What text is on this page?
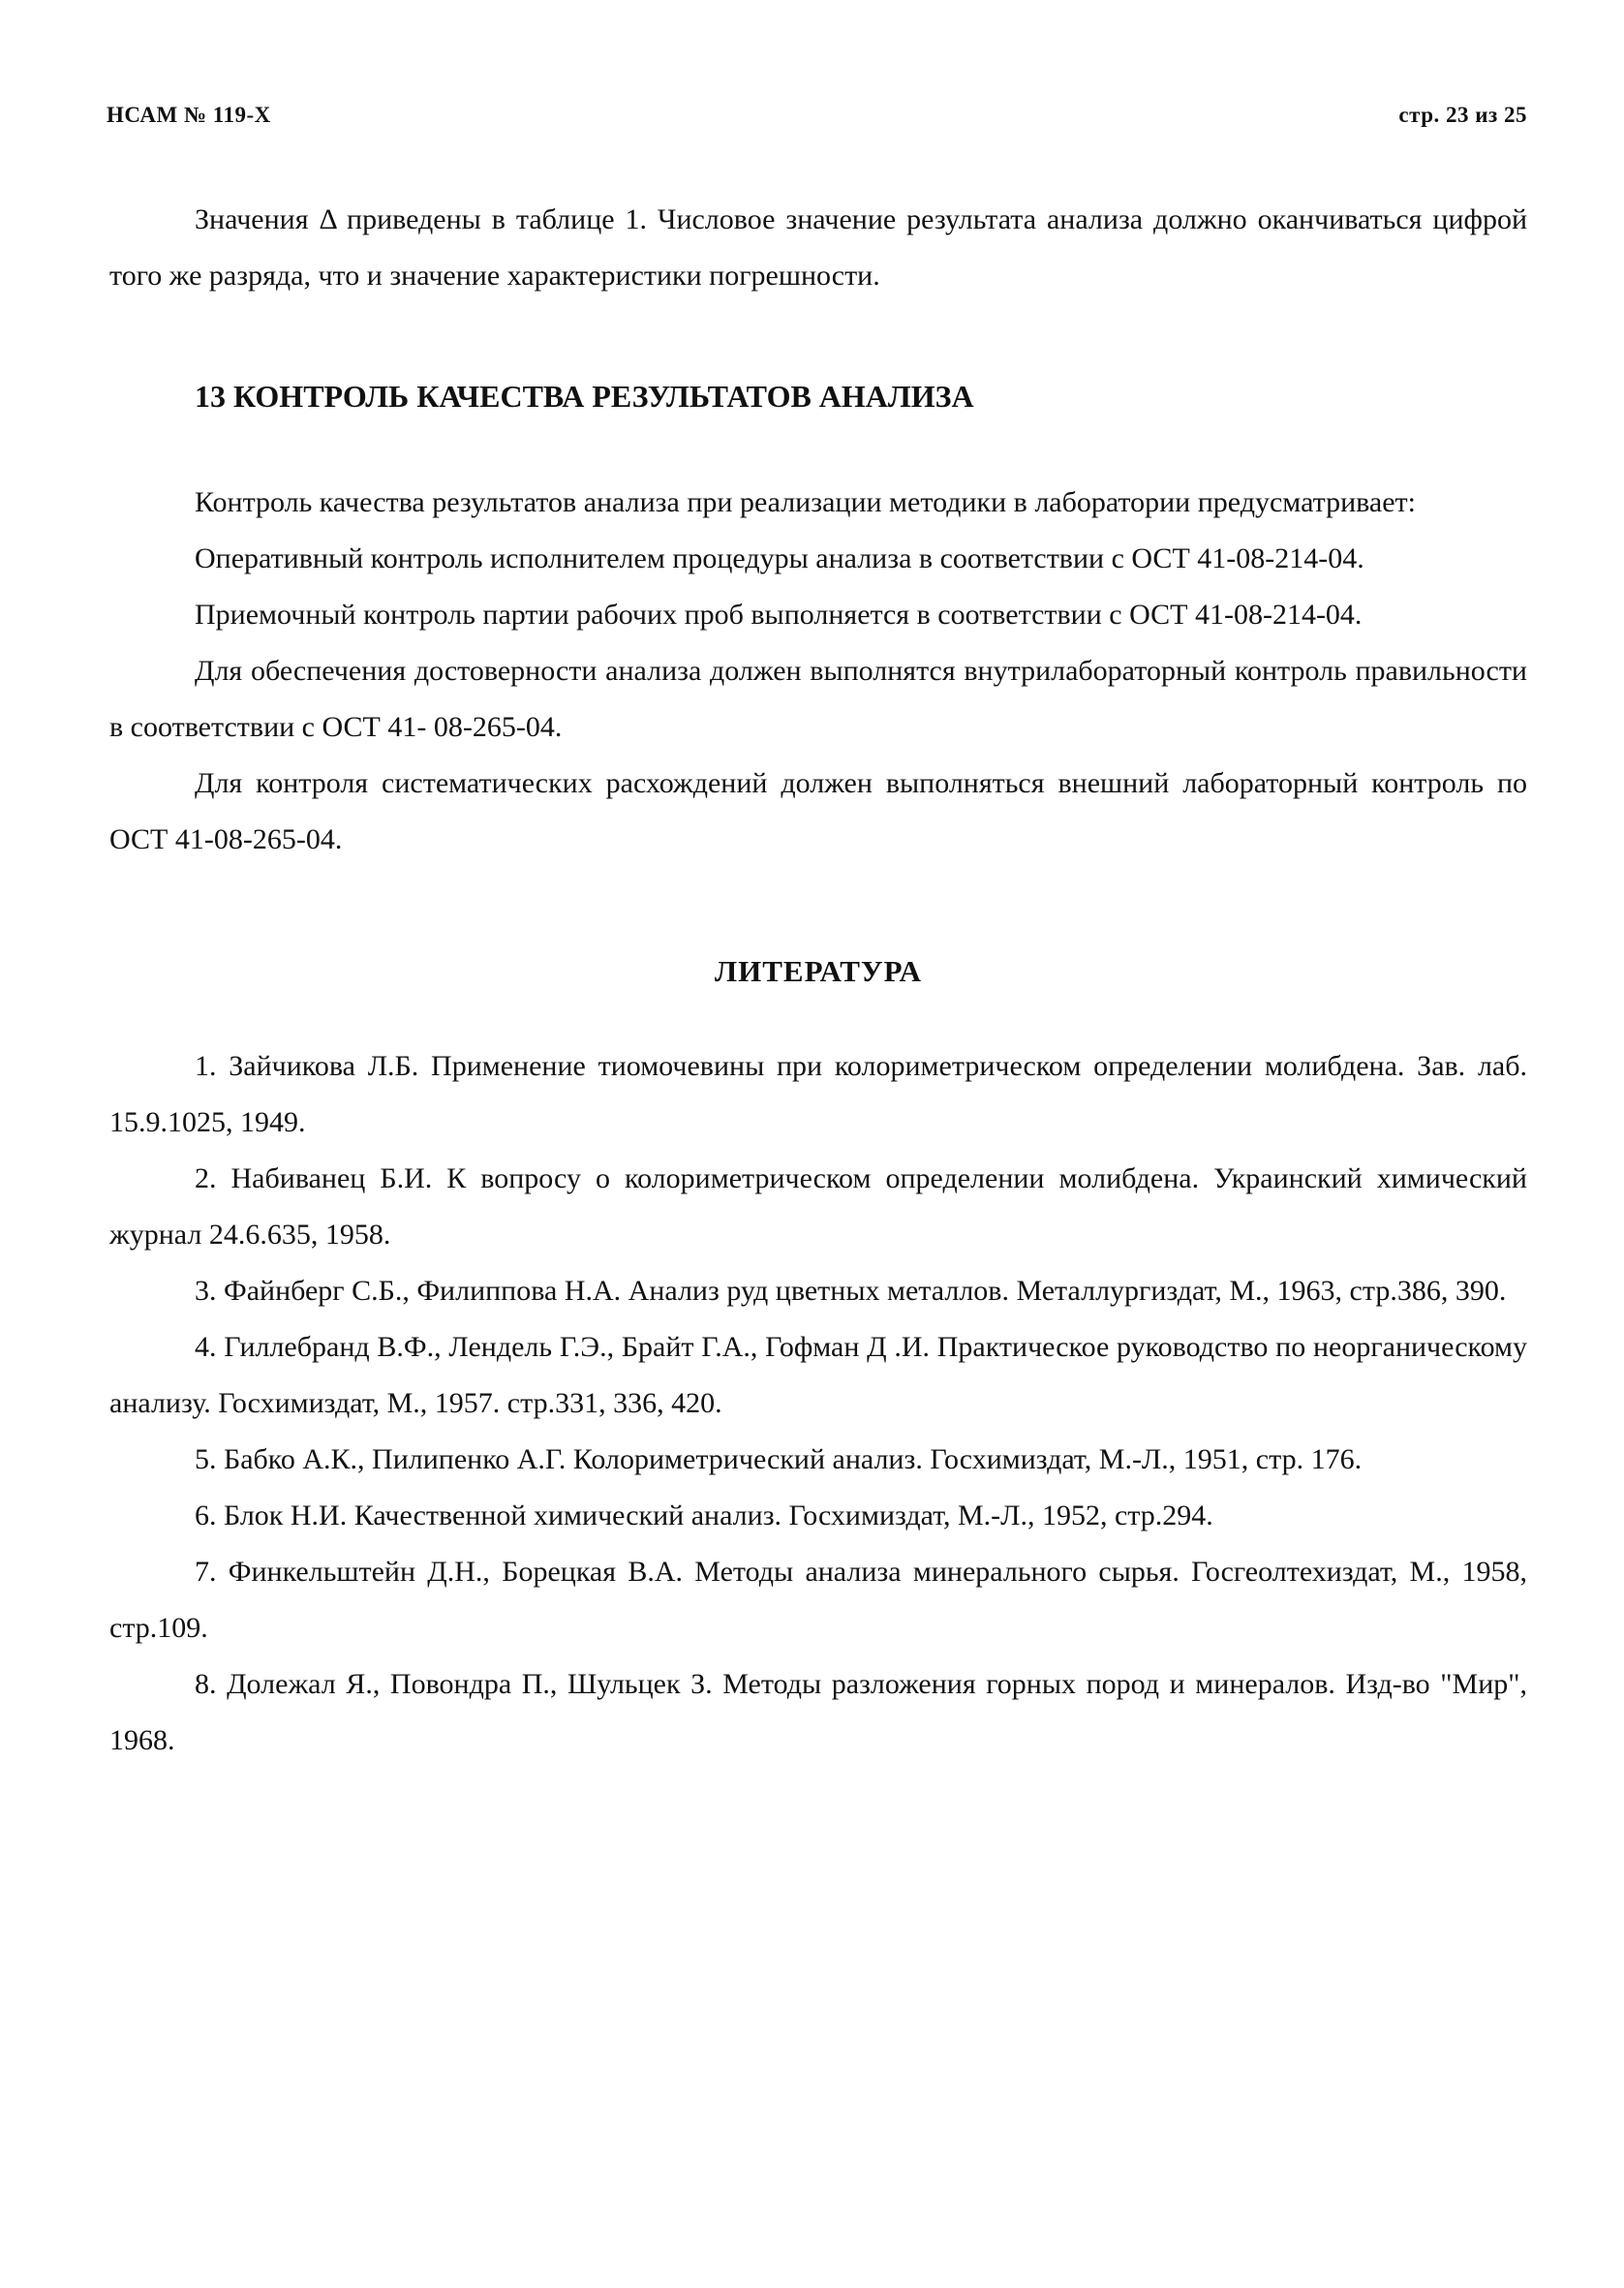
НСАМ № 119-Х	стр. 23 из 25

Значения Δ приведены в таблице 1. Числовое значение результата анализа должно оканчиваться цифрой того же разряда, что и значение характеристики погрешности.

13 КОНТРОЛЬ КАЧЕСТВА РЕЗУЛЬТАТОВ АНАЛИЗА

Контроль качества результатов анализа при реализации методики в лаборатории предусматривает:

Оперативный контроль исполнителем процедуры анализа в соответствии с ОСТ 41-08-214-04.

Приемочный контроль партии рабочих проб выполняется в соответствии с ОСТ 41-08-214-04.

Для обеспечения достоверности анализа должен выполнятся внутрилабораторный контроль правильности в соответствии с ОСТ 41- 08-265-04.

Для контроля систематических расхождений должен выполняться внешний лабораторный контроль по ОСТ 41-08-265-04.

ЛИТЕРАТУРА

1. Зайчикова Л.Б. Применение тиомочевины при колориметрическом определении молибдена. Зав. лаб. 15.9.1025, 1949.

2. Набиванец Б.И. К вопросу о колориметрическом определении молибдена. Украинский химический журнал 24.6.635, 1958.

3. Файнберг С.Б., Филиппова Н.А. Анализ руд цветных металлов. Металлургиздат, М., 1963, стр.386, 390.

4. Гиллебранд В.Ф., Лендель Г.Э., Брайт Г.А., Гофман Д .И. Практическое руководство по неорганическому анализу. Госхимиздат, М., 1957. стр.331, 336, 420.

5. Бабко А.К., Пилипенко А.Г. Колориметрический анализ. Госхимиздат, М.-Л., 1951, стр. 176.

6. Блок Н.И. Качественной химический анализ. Госхимиздат, М.-Л., 1952, стр.294.

7. Финкельштейн Д.Н., Борецкая В.А. Методы анализа минерального сырья. Госгеолтехиздат, М., 1958, стр.109.

8. Долежал Я., Повондра П., Шульцек З. Методы разложения горных пород и минералов. Изд-во "Мир", 1968.
